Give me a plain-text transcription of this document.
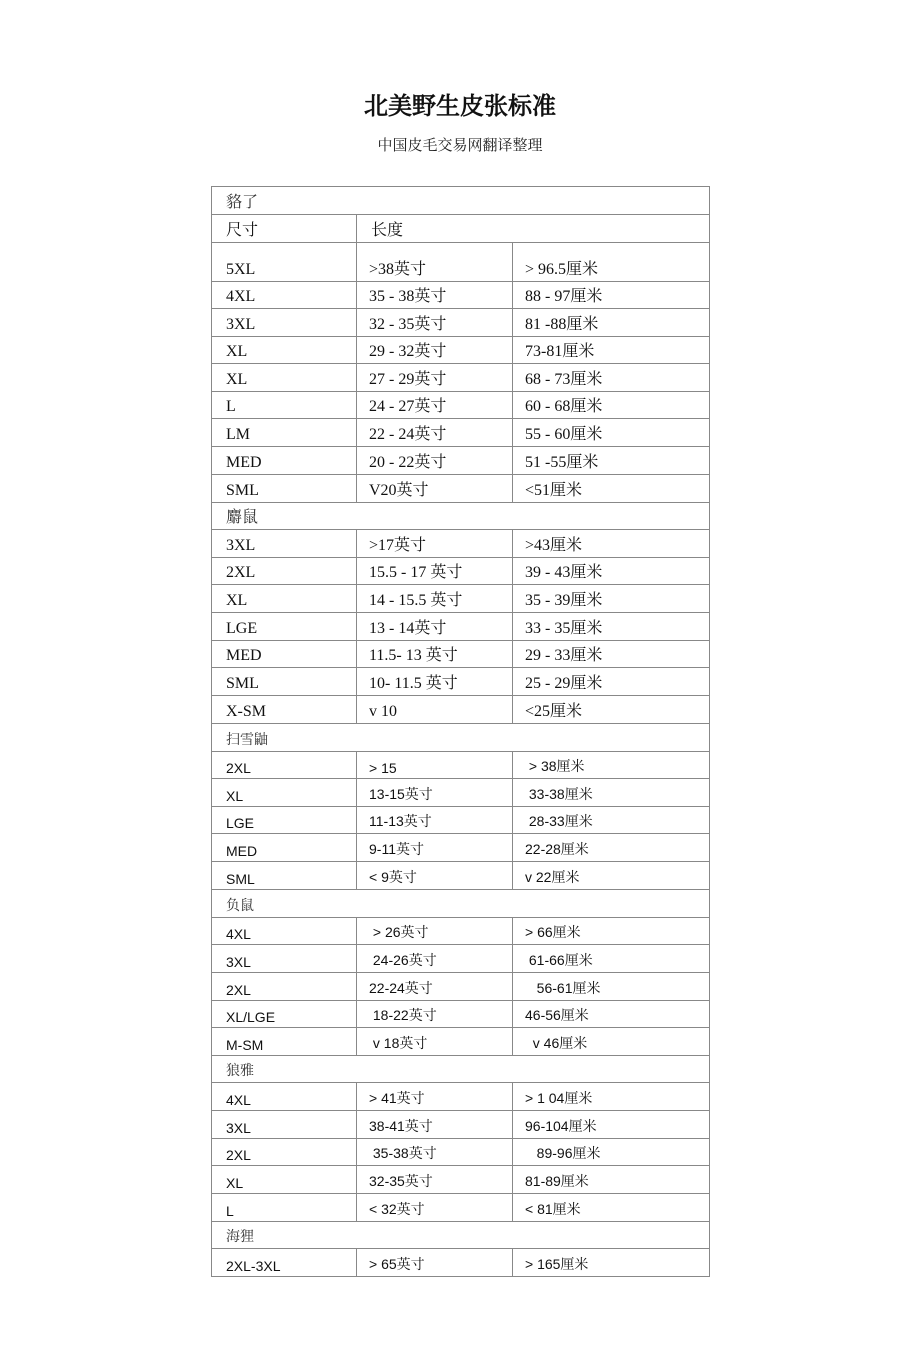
北美野生皮张标准
中国皮毛交易网翻译整理
貉了
尺寸	长度
5XL	>38英寸	> 96.5厘米
4XL	35 - 38英寸	88 - 97厘米
3XL	32 - 35英寸	81 -88厘米
XL	29 - 32英寸	73-81厘米
XL	27 - 29英寸	68 - 73厘米
L	24 - 27英寸	60 - 68厘米
LM	22 - 24英寸	55 - 60厘米
MED	20 - 22英寸	51 -55厘米
SML	V20英寸	<51厘米
麝鼠
3XL	>17英寸	>43厘米
2XL	15.5 - 17 英寸	39 - 43厘米
XL	14 - 15.5 英寸	35 - 39厘米
LGE	13 - 14英寸	33 - 35厘米
MED	11.5- 13 英寸	29 - 33厘米
SML	10- 11.5 英寸	25 - 29厘米
X-SM	v 10	<25厘米
扫雪鼬
2XL	> 15	> 38厘米
XL	13-15英寸	33-38厘米
LGE	11-13英寸	28-33厘米
MED	9-11英寸	22-28厘米
SML	< 9英寸	v 22厘米
负鼠
4XL	> 26英寸	> 66厘米
3XL	24-26英寸	61-66厘米
2XL	22-24英寸	56-61厘米
XL/LGE	18-22英寸	46-56厘米
M-SM	v 18英寸	v 46厘米
狼雅
4XL	> 41英寸	> 1 04厘米
3XL	38-41英寸	96-104厘米
2XL	35-38英寸	89-96厘米
XL	32-35英寸	81-89厘米
L	< 32英寸	< 81厘米
海狸
2XL-3XL	> 65英寸	> 165厘米
